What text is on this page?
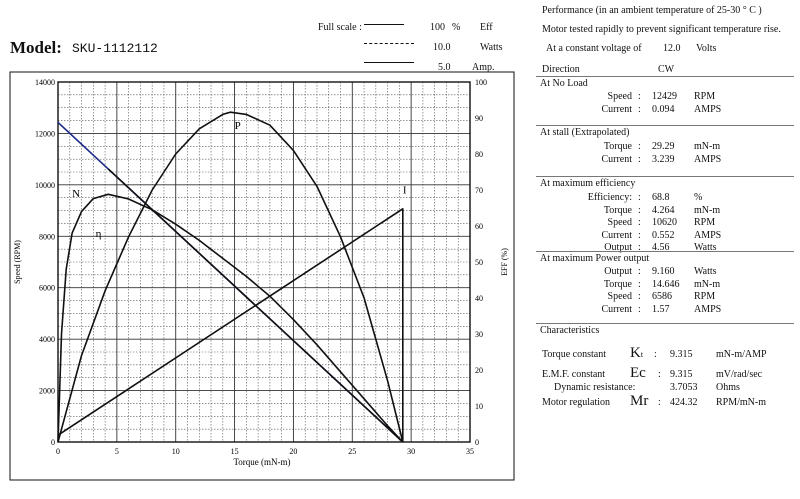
Model: SKU-1112112
Full scale :	100 % Eff
10.0	Watts
5.0 Amp.
0	5	10	15	20	25	30	35
0
2000
4000
6000
8000
10000
12000
14000
0
10
20
30
40
50
60
70
80
90
100
N	I
P
η
Torque (mN-m)
Speed (RPM)	EFF (%)
Performance (in an ambient temperature of 25-30 ° C )
Motor tested rapidly to prevent significant temperature rise.
At a constant voltage of 12.0 Volts
Direction	CW
At No Load
Speed : 12429 RPM
Current : 0.094 AMPS
At stall (Extrapolated)
Torque : 29.29 mN-m
Current : 3.239 AMPS
At maximum efficiency
Efficiency: : 68.8 %
Torque : 4.264 mN-m
Speed : 10620 RPM
Current : 0.552 AMPS
Output : 4.56 Watts
At maximum Power output
Output : 9.160 Watts
Torque : 14.646 mN-m
Speed : 6586 RPM
Current : 1.57 AMPS
Characteristics
Torque constant Kt : 9.315 mN-m/AMP
E.M.F. constant Ec : 9.315 mV/rad/sec
Dynamic resistance:	3.7053 Ohms
Motor regulation Mr : 424.32 RPM/mN-m
